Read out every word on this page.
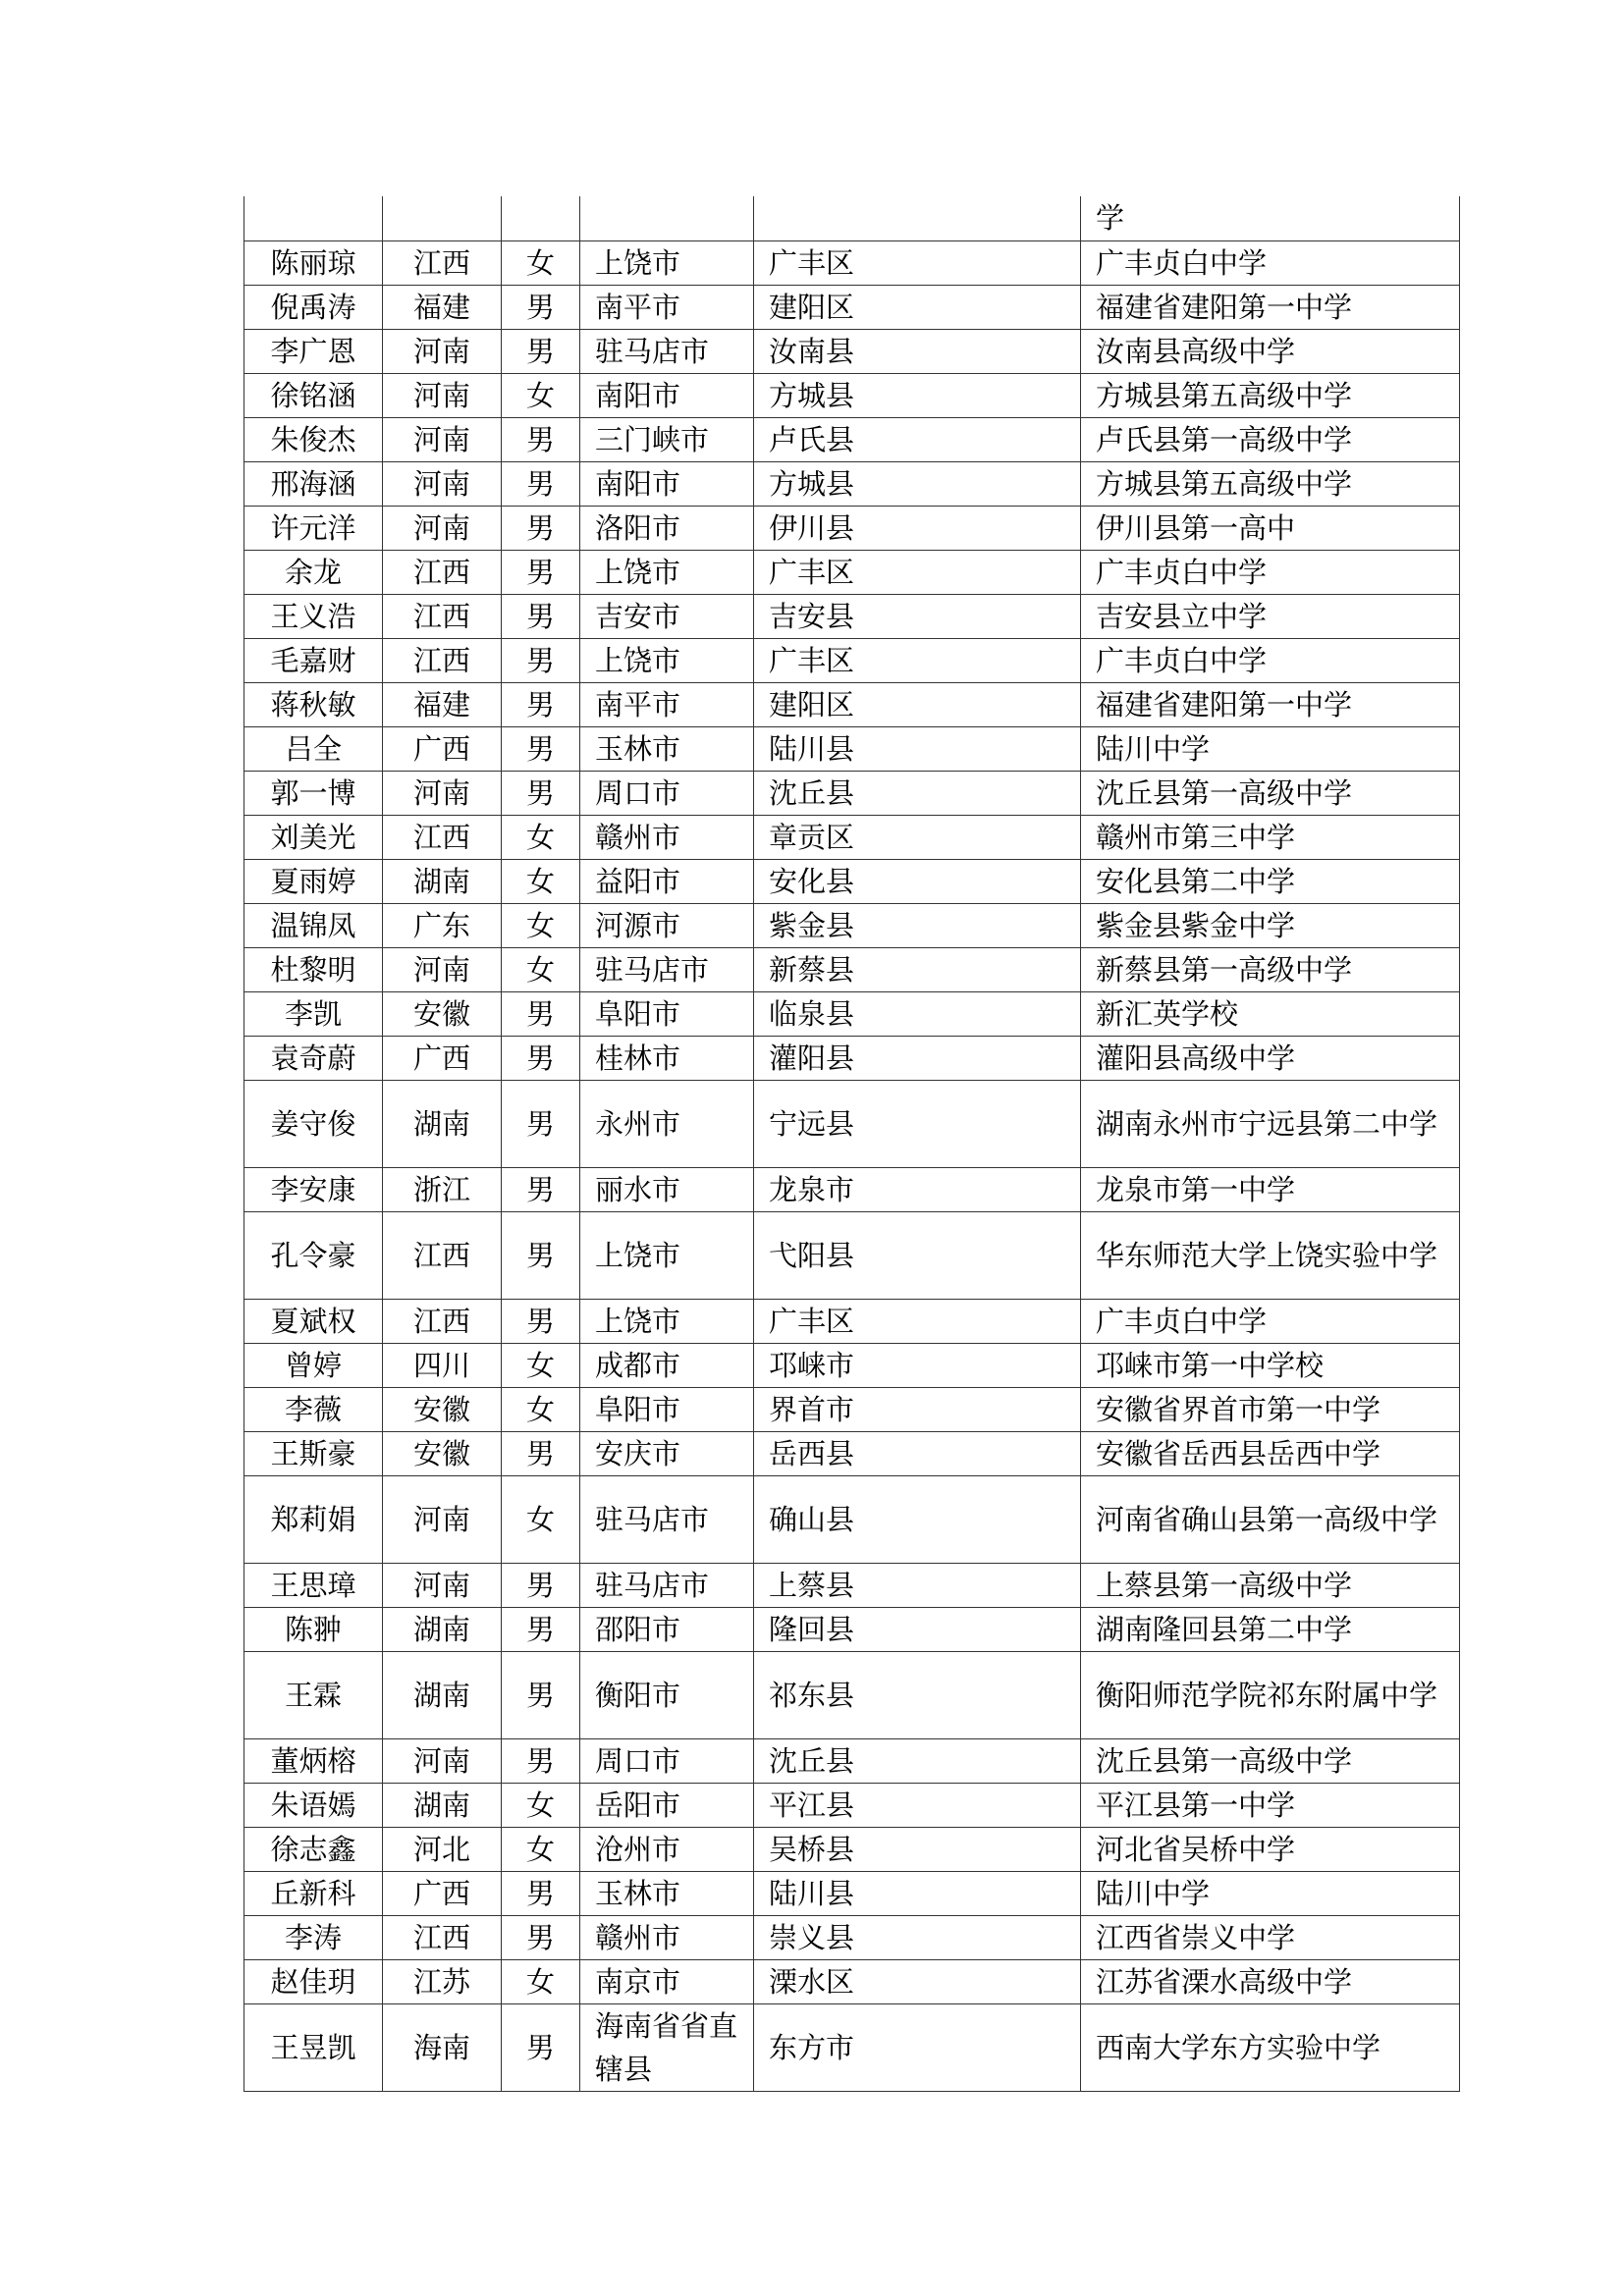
					学
陈丽琼	江西	女	上饶市	广丰区	广丰贞白中学
倪禹涛	福建	男	南平市	建阳区	福建省建阳第一中学
李广恩	河南	男	驻马店市	汝南县	汝南县高级中学
徐铭涵	河南	女	南阳市	方城县	方城县第五高级中学
朱俊杰	河南	男	三门峡市	卢氏县	卢氏县第一高级中学
邢海涵	河南	男	南阳市	方城县	方城县第五高级中学
许元洋	河南	男	洛阳市	伊川县	伊川县第一高中
余龙	江西	男	上饶市	广丰区	广丰贞白中学
王义浩	江西	男	吉安市	吉安县	吉安县立中学
毛嘉财	江西	男	上饶市	广丰区	广丰贞白中学
蒋秋敏	福建	男	南平市	建阳区	福建省建阳第一中学
吕全	广西	男	玉林市	陆川县	陆川中学
郭一博	河南	男	周口市	沈丘县	沈丘县第一高级中学
刘美光	江西	女	赣州市	章贡区	赣州市第三中学
夏雨婷	湖南	女	益阳市	安化县	安化县第二中学
温锦凤	广东	女	河源市	紫金县	紫金县紫金中学
杜黎明	河南	女	驻马店市	新蔡县	新蔡县第一高级中学
李凯	安徽	男	阜阳市	临泉县	新汇英学校
袁奇蔚	广西	男	桂林市	灌阳县	灌阳县高级中学
姜守俊	湖南	男	永州市	宁远县	湖南永州市宁远县第二中学
李安康	浙江	男	丽水市	龙泉市	龙泉市第一中学
孔令豪	江西	男	上饶市	弋阳县	华东师范大学上饶实验中学
夏斌权	江西	男	上饶市	广丰区	广丰贞白中学
曾婷	四川	女	成都市	邛崃市	邛崃市第一中学校
李薇	安徽	女	阜阳市	界首市	安徽省界首市第一中学
王斯豪	安徽	男	安庆市	岳西县	安徽省岳西县岳西中学
郑莉娟	河南	女	驻马店市	确山县	河南省确山县第一高级中学
王思璋	河南	男	驻马店市	上蔡县	上蔡县第一高级中学
陈翀	湖南	男	邵阳市	隆回县	湖南隆回县第二中学
王霖	湖南	男	衡阳市	祁东县	衡阳师范学院祁东附属中学
董炳榕	河南	男	周口市	沈丘县	沈丘县第一高级中学
朱语嫣	湖南	女	岳阳市	平江县	平江县第一中学
徐志鑫	河北	女	沧州市	吴桥县	河北省吴桥中学
丘新科	广西	男	玉林市	陆川县	陆川中学
李涛	江西	男	赣州市	崇义县	江西省崇义中学
赵佳玥	江苏	女	南京市	溧水区	江苏省溧水高级中学
王昱凯	海南	男	海南省省直辖县	东方市	西南大学东方实验中学
